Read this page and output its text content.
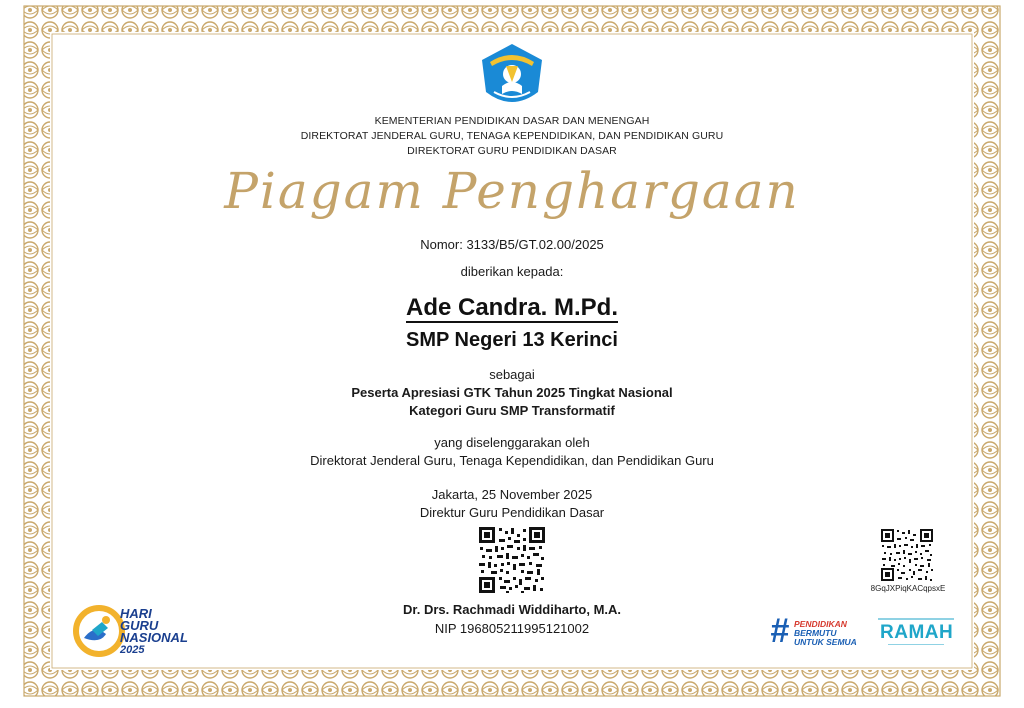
KEMENTERIAN PENDIDIKAN DASAR DAN MENENGAH
DIREKTORAT JENDERAL GURU, TENAGA KEPENDIDIKAN, DAN PENDIDIKAN GURU
DIREKTORAT GURU PENDIDIKAN DASAR
Piagam Penghargaan
Nomor: 3133/B5/GT.02.00/2025
diberikan kepada:
Ade Candra. M.Pd.
SMP Negeri 13 Kerinci
sebagai
Peserta Apresiasi GTK Tahun 2025 Tingkat Nasional
Kategori Guru SMP Transformatif
yang diselenggarakan oleh
Direktorat Jenderal Guru, Tenaga Kependidikan, dan Pendidikan Guru
Jakarta, 25 November 2025
Direktur Guru Pendidikan Dasar
Dr. Drs. Rachmadi Widdiharto, M.A.
NIP 196805211995121002
8GqJXPiqKACqpsxE
HARI
GURU
NASIONAL
2025	# PENDIDIKAN
BERMUTU
UNTUK SEMUA RAMAH
